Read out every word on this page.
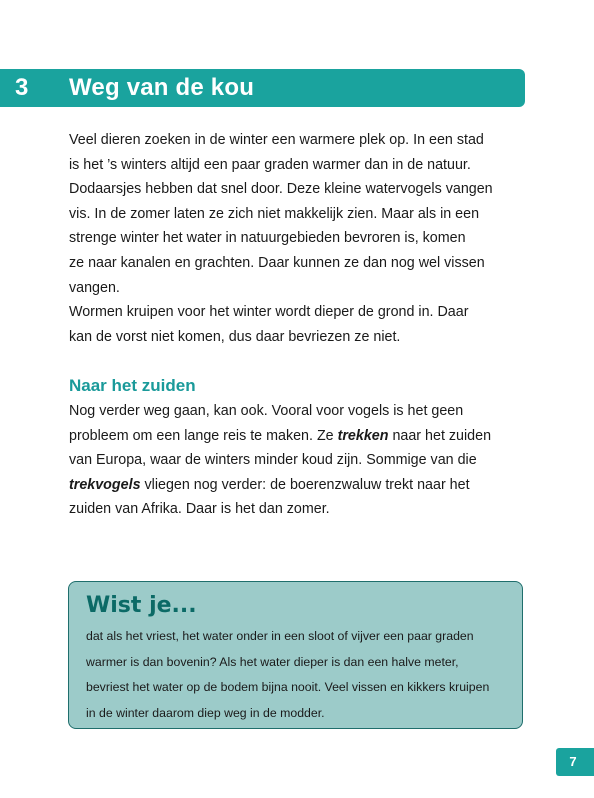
3 Weg van de kou

Veel dieren zoeken in de winter een warmere plek op. In een stad
is het ’s winters altijd een paar graden warmer dan in de natuur.
Dodaarsjes hebben dat snel door. Deze kleine watervogels vangen
vis. In de zomer laten ze zich niet makkelijk zien. Maar als in een
strenge winter het water in natuurgebieden bevroren is, komen
ze naar kanalen en grachten. Daar kunnen ze dan nog wel vissen
vangen.
Wormen kruipen voor het winter wordt dieper de grond in. Daar
kan de vorst niet komen, dus daar bevriezen ze niet.

Naar het zuiden

Nog verder weg gaan, kan ook. Vooral voor vogels is het geen
probleem om een lange reis te maken. Ze trekken naar het zuiden
van Europa, waar de winters minder koud zijn. Sommige van die
trekvogels vliegen nog verder: de boerenzwaluw trekt naar het
zuiden van Afrika. Daar is het dan zomer.

Wist je...

dat als het vriest, het water onder in een sloot of vijver een paar graden
warmer is dan bovenin? Als het water dieper is dan een halve meter,
bevriest het water op de bodem bijna nooit. Veel vissen en kikkers kruipen
in de winter daarom diep weg in de modder.

7
